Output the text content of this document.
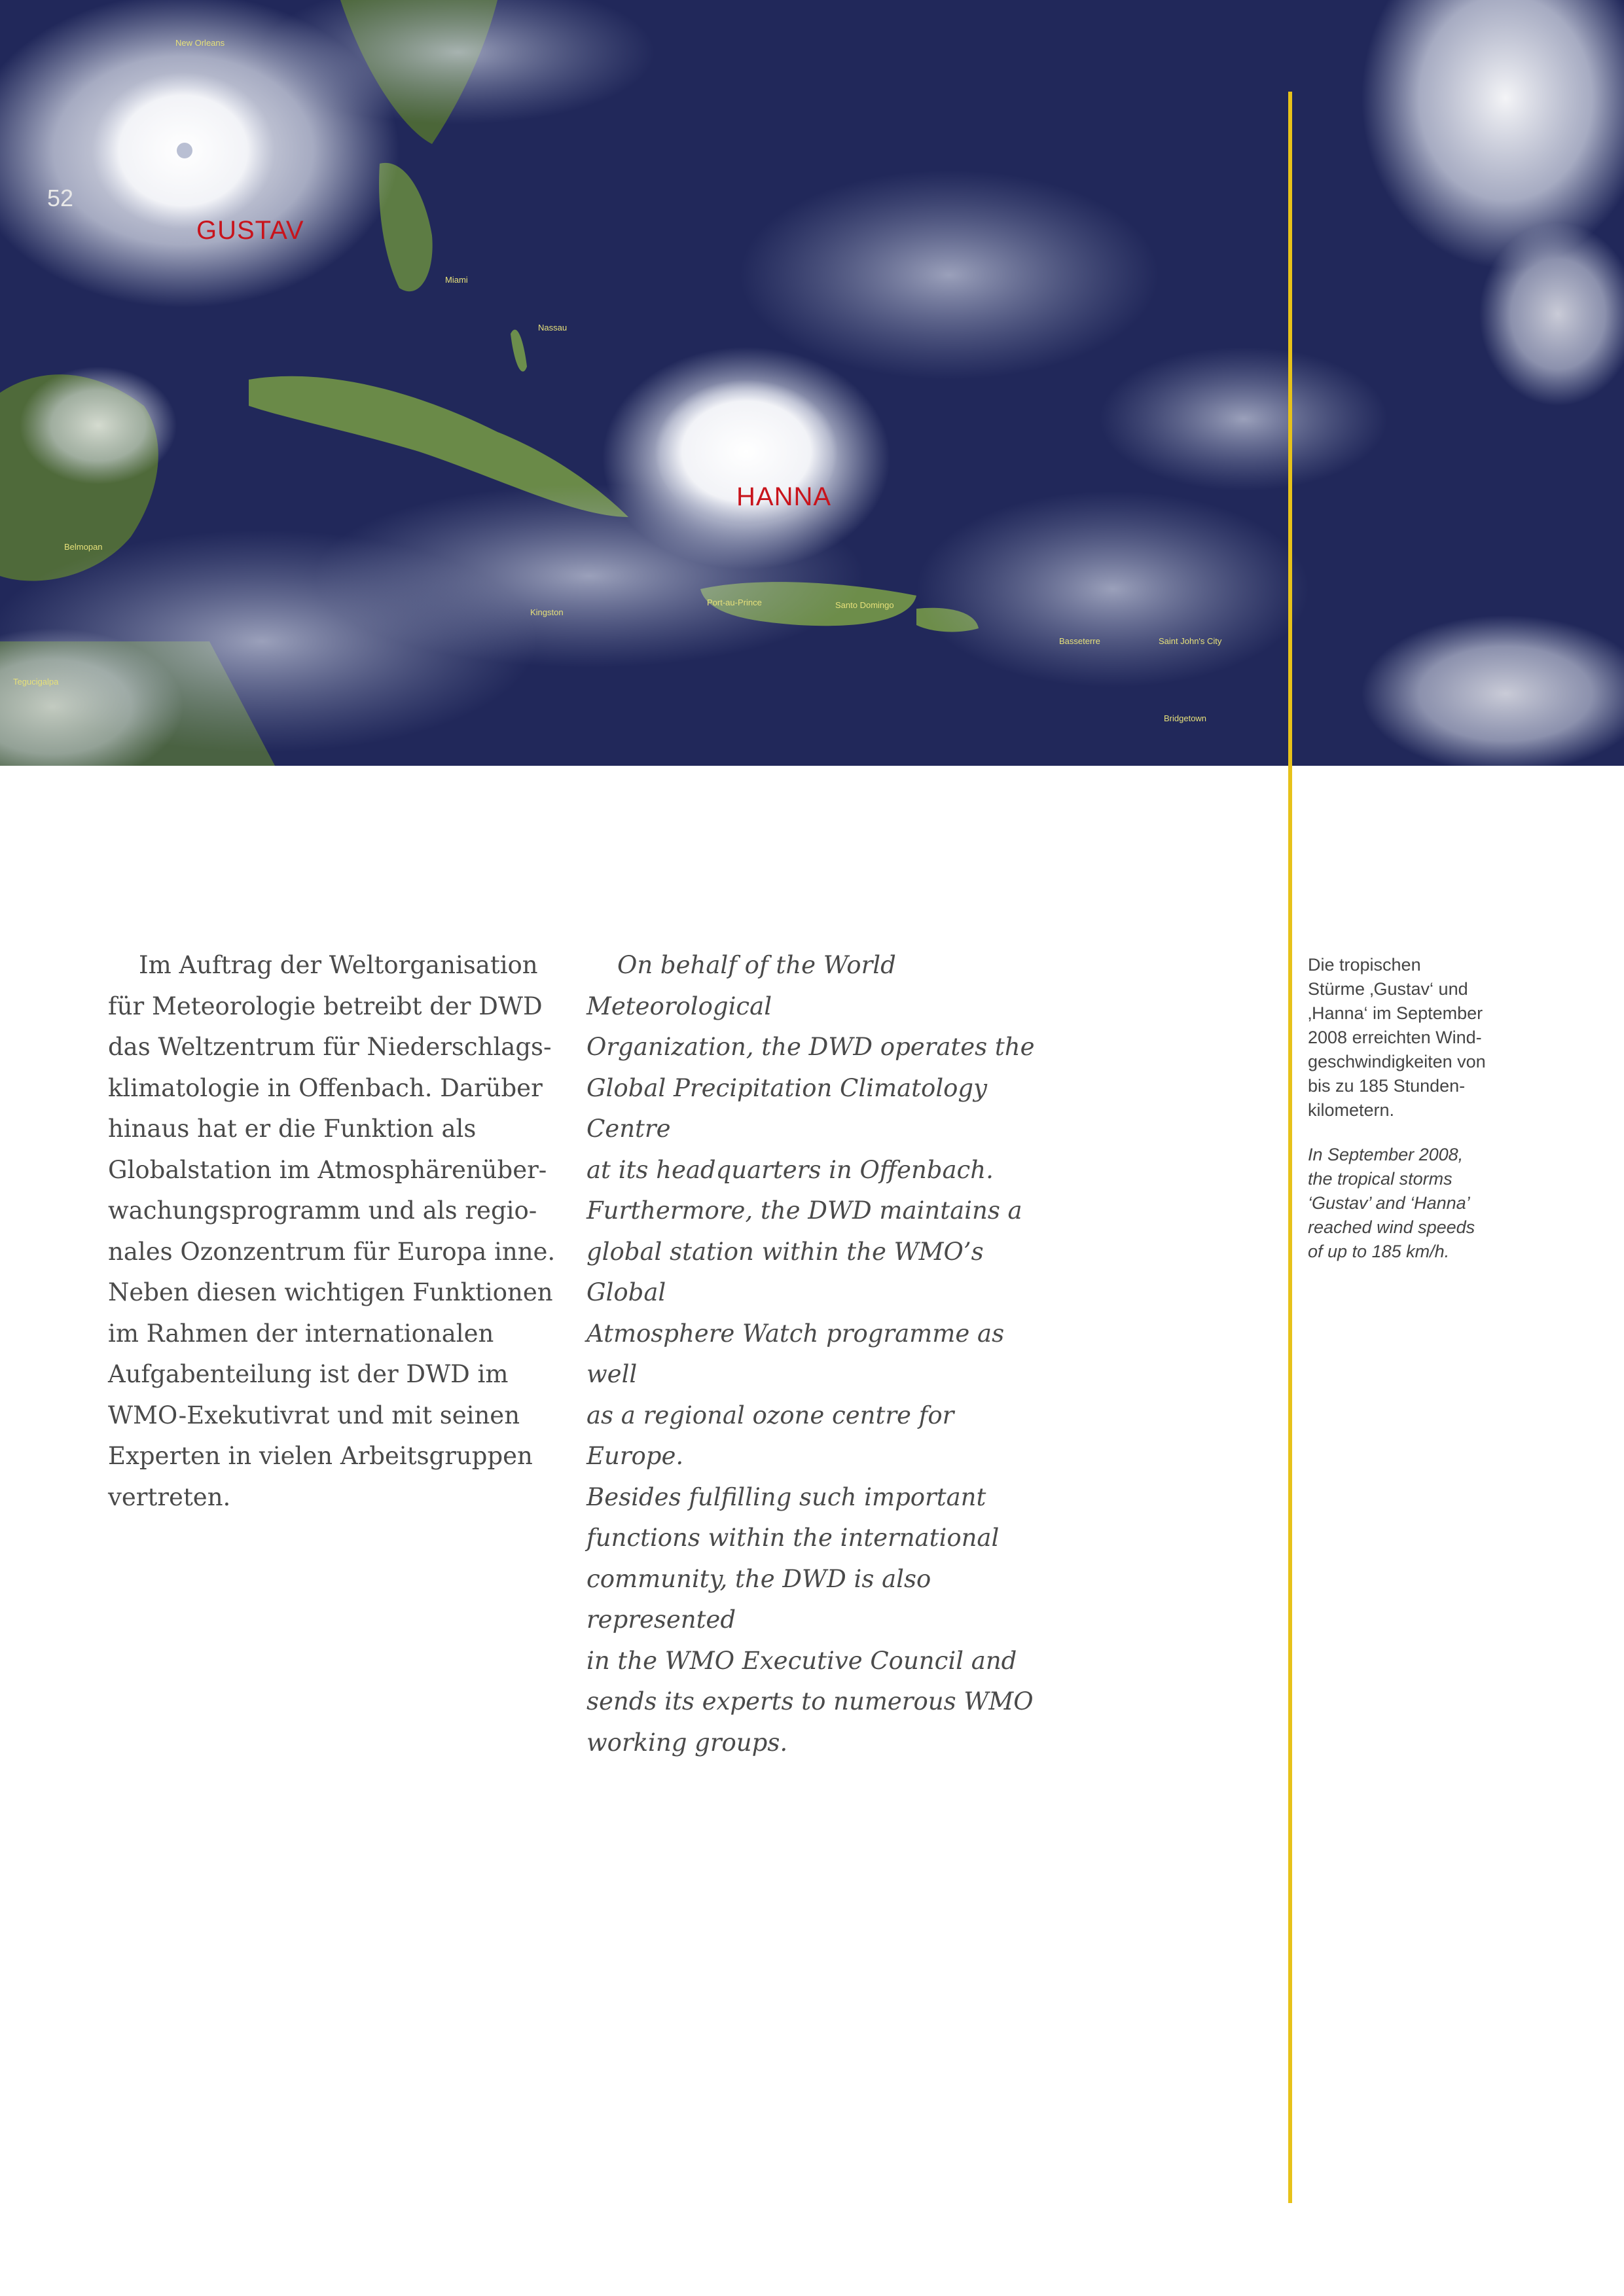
52
GUSTAV
HANNA
Miami
Nassau
Port-au-Prince	Santo Domingo
Basseterre	Saint John's City
Kingston
Belmopan
Tegucigalpa
Bridgetown
New Orleans
Im Auftrag der Weltorganisation
für Meteorologie betreibt der DWD
das Weltzentrum für Niederschlags-
klimatologie in Offenbach. Darüber
hinaus hat er die Funktion als
Globalstation im Atmosphärenüber-
wachungsprogramm und als regio-
nales Ozonzentrum für Europa inne.
Neben diesen wichtigen Funktionen
im Rahmen der internationalen
Aufgabenteilung ist der DWD im
WMO-Exekutivrat und mit seinen
Experten in vielen Arbeitsgruppen
vertreten.
On behalf of the World Meteorological
Organization, the DWD operates the
Global Precipitation Climatology Centre
at its headquarters in Offenbach.
Furthermore, the DWD maintains a
global station within the WMO’s Global
Atmosphere Watch programme as well
as a regional ozone centre for Europe.
Besides fulfilling such important
functions within the international
community, the DWD is also represented
in the WMO Executive Council and
sends its experts to numerous WMO
working groups.
Die tropischen
Stürme ‚Gustav‘ und
‚Hanna‘ im September
2008 erreichten Wind-
geschwindigkeiten von
bis zu 185 Stunden-
kilometern.
In September 2008,
the tropical storms
‘Gustav’ and ‘Hanna’
reached wind speeds
of up to 185 km/h.
